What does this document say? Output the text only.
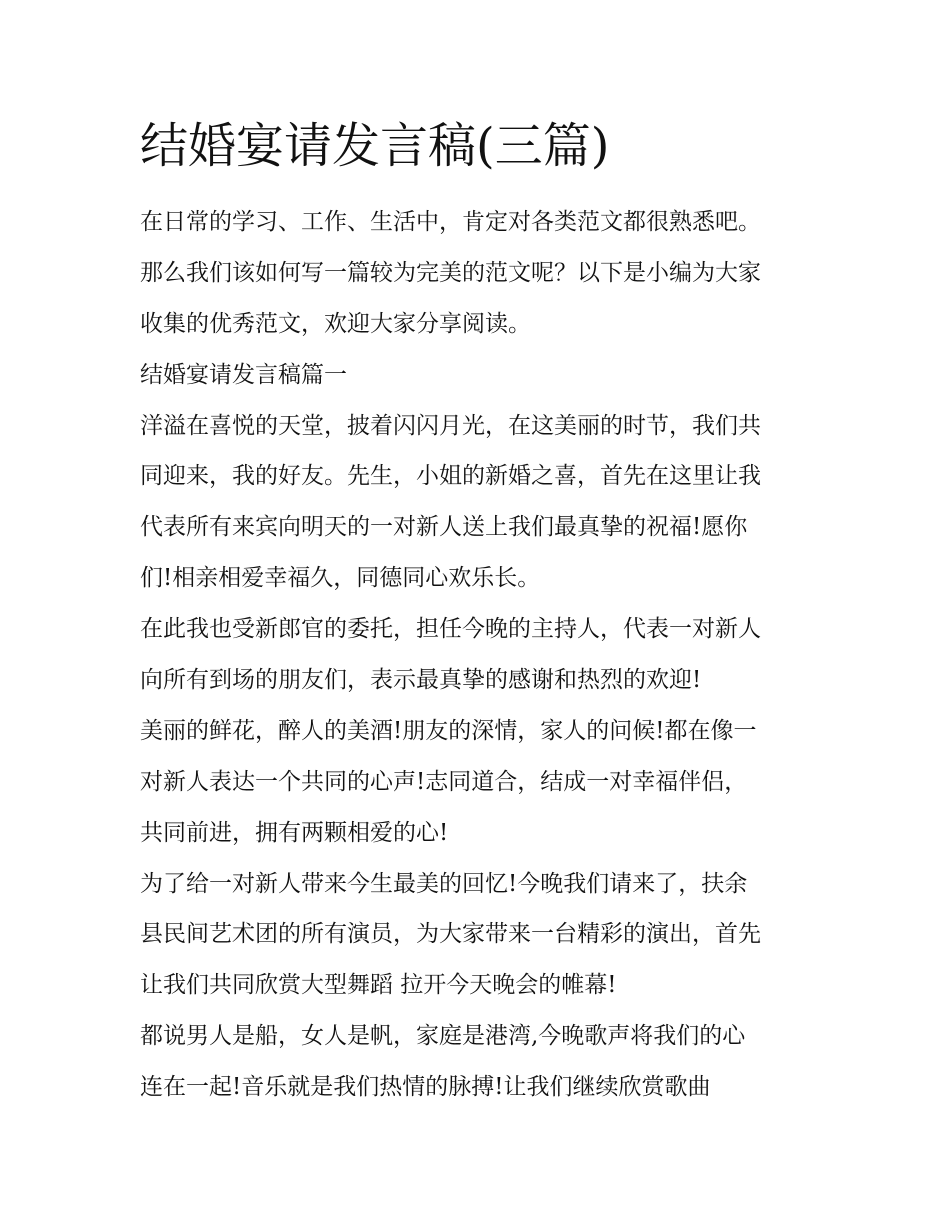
结婚宴请发言稿(三篇)
在日常的学习、工作、生活中，肯定对各类范文都很熟悉吧。
那么我们该如何写一篇较为完美的范文呢？以下是小编为大家
收集的优秀范文，欢迎大家分享阅读。
结婚宴请发言稿篇一
洋溢在喜悦的天堂，披着闪闪月光，在这美丽的时节，我们共
同迎来，我的好友。先生，小姐的新婚之喜，首先在这里让我
代表所有来宾向明天的一对新人送上我们最真挚的祝福!愿你
们!相亲相爱幸福久，同德同心欢乐长。
在此我也受新郎官的委托，担任今晚的主持人，代表一对新人
向所有到场的朋友们，表示最真挚的感谢和热烈的欢迎!
美丽的鲜花，醉人的美酒!朋友的深情，家人的问候!都在像一
对新人表达一个共同的心声!志同道合，结成一对幸福伴侣，
共同前进，拥有两颗相爱的心!
为了给一对新人带来今生最美的回忆!今晚我们请来了，扶余
县民间艺术团的所有演员，为大家带来一台精彩的演出，首先
让我们共同欣赏大型舞蹈 拉开今天晚会的帷幕!
都说男人是船，女人是帆，家庭是港湾,今晚歌声将我们的心
连在一起!音乐就是我们热情的脉搏!让我们继续欣赏歌曲
